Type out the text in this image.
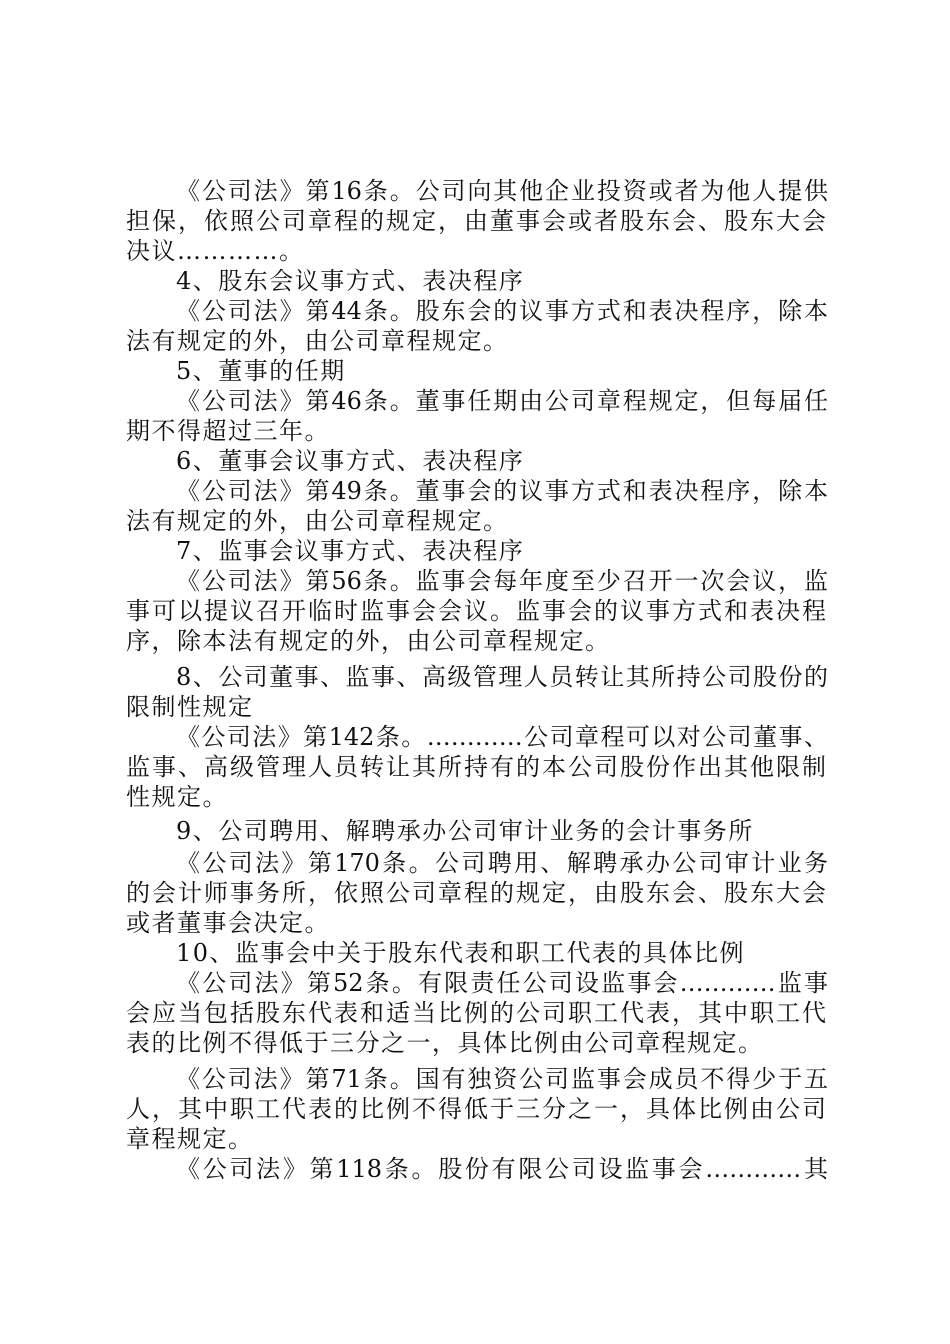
《公司法》第16条。公司向其他企业投资或者为他人提供
担保，依照公司章程的规定，由董事会或者股东会、股东大会
决议…………。
4、股东会议事方式、表决程序
《公司法》第44条。股东会的议事方式和表决程序，除本
法有规定的外，由公司章程规定。
5、董事的任期
《公司法》第46条。董事任期由公司章程规定，但每届任
期不得超过三年。
6、董事会议事方式、表决程序
《公司法》第49条。董事会的议事方式和表决程序，除本
法有规定的外，由公司章程规定。
7、监事会议事方式、表决程序
《公司法》第56条。监事会每年度至少召开一次会议，监
事可以提议召开临时监事会会议。监事会的议事方式和表决程
序，除本法有规定的外，由公司章程规定。
8、公司董事、监事、高级管理人员转让其所持公司股份的
限制性规定
《公司法》第142条。…………公司章程可以对公司董事、
监事、高级管理人员转让其所持有的本公司股份作出其他限制
性规定。
9、公司聘用、解聘承办公司审计业务的会计事务所
《公司法》第170条。公司聘用、解聘承办公司审计业务
的会计师事务所，依照公司章程的规定，由股东会、股东大会
或者董事会决定。
10、监事会中关于股东代表和职工代表的具体比例
《公司法》第52条。有限责任公司设监事会…………监事
会应当包括股东代表和适当比例的公司职工代表，其中职工代
表的比例不得低于三分之一，具体比例由公司章程规定。
《公司法》第71条。国有独资公司监事会成员不得少于五
人，其中职工代表的比例不得低于三分之一，具体比例由公司
章程规定。
《公司法》第118条。股份有限公司设监事会…………其
